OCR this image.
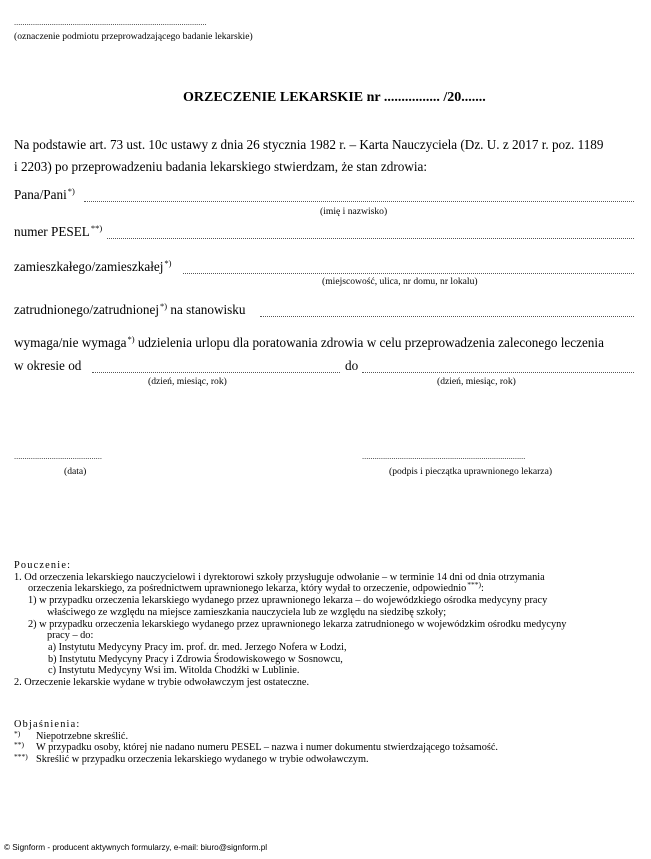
............................................................................................
(oznaczenie podmiotu przeprowadzającego badanie lekarskie)
ORZECZENIE LEKARSKIE nr ................ /20.......
Na podstawie art. 73 ust. 10c ustawy z dnia 26 stycznia 1982 r. – Karta Nauczyciela (Dz. U. z 2017 r. poz. 1189
i 2203) po przeprowadzeniu badania lekarskiego stwierdzam, że stan zdrowia:
Pana/Pani*)
(imię i nazwisko)
numer PESEL**)
zamieszkałego/zamieszkałej*)
(miejscowość, ulica, nr domu, nr lokalu)
zatrudnionego/zatrudnionej*) na stanowisku
wymaga/nie wymaga*) udzielenia urlopu dla poratowania zdrowia w celu przeprowadzenia zaleconego leczenia
w okresie od	do
(dzień, miesiąc, rok)	(dzień, miesiąc, rok)
..........................................
(data)
..............................................................................
(podpis i pieczątka uprawnionego lekarza)
Pouczenie:
1. Od orzeczenia lekarskiego nauczycielowi i dyrektorowi szkoły przysługuje odwołanie – w terminie 14 dni od dnia otrzymania
orzeczenia lekarskiego, za pośrednictwem uprawnionego lekarza, który wydał to orzeczenie, odpowiednio***):
1) w przypadku orzeczenia lekarskiego wydanego przez uprawnionego lekarza – do wojewódzkiego ośrodka medycyny pracy
właściwego ze względu na miejsce zamieszkania nauczyciela lub ze względu na siedzibę szkoły;
2) w przypadku orzeczenia lekarskiego wydanego przez uprawnionego lekarza zatrudnionego w wojewódzkim ośrodku medycyny
pracy – do:
a) Instytutu Medycyny Pracy im. prof. dr. med. Jerzego Nofera w Łodzi,
b) Instytutu Medycyny Pracy i Zdrowia Środowiskowego w Sosnowcu,
c) Instytutu Medycyny Wsi im. Witolda Chodźki w Lublinie.
2. Orzeczenie lekarskie wydane w trybie odwoławczym jest ostateczne.
Objaśnienia:
*) Niepotrzebne skreślić.
**) W przypadku osoby, której nie nadano numeru PESEL – nazwa i numer dokumentu stwierdzającego tożsamość.
***) Skreślić w przypadku orzeczenia lekarskiego wydanego w trybie odwoławczym.
© Signform - producent aktywnych formularzy, e-mail: biuro@signform.pl
